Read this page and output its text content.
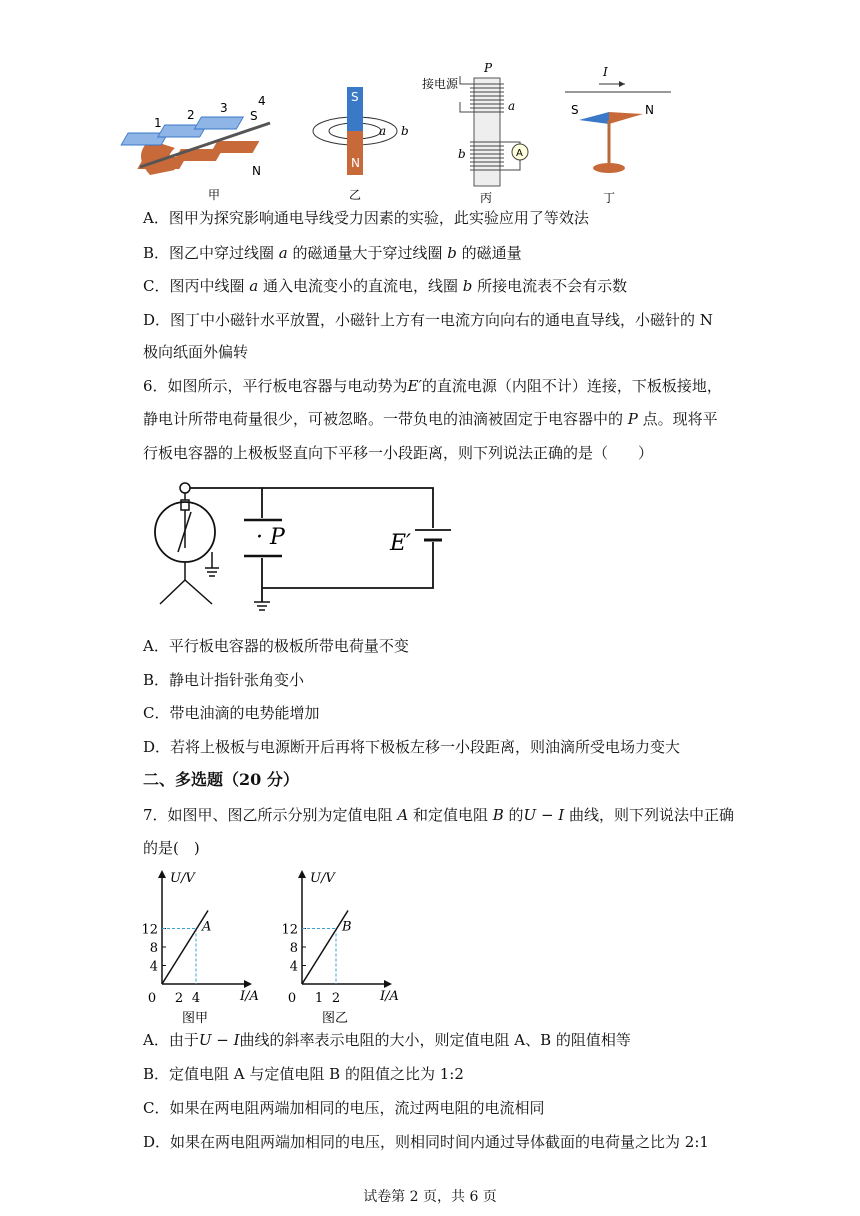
1
2 3	4
S
N
甲
S
N
a b
乙
P
接电源
a
b	A
丙
I
S	N
丁
A．图甲为探究影响通电导线受力因素的实验，此实验应用了等效法
B．图乙中穿过线圈 a 的磁通量大于穿过线圈 b 的磁通量
C．图丙中线圈 a 通入电流变小的直流电，线圈 b 所接电流表不会有示数
D．图丁中小磁针水平放置，小磁针上方有一电流方向向右的通电直导线，小磁针的 N
极向纸面外偏转
6．如图所示，平行板电容器与电动势为E′的直流电源（内阻不计）连接，下板板接地，
静电计所带电荷量很少，可被忽略。一带负电的油滴被固定于电容器中的 P 点。现将平
行板电容器的上极板竖直向下平移一小段距离，则下列说法正确的是（　　）
· P	E′
A．平行板电容器的极板所带电荷量不变
B．静电计指针张角变小
C．带电油滴的电势能增加
D．若将上极板与电源断开后再将下极板左移一小段距离，则油滴所受电场力变大
二、多选题（20 分）
7．如图甲、图乙所示分别为定值电阻 A 和定值电阻 B 的U − I 曲线，则下列说法中正确
的是(　)
U/V
I/A
4
8
12
0 2 4
A
图甲
U/V
I/A
4
8
12
0 1 2
B
图乙
A．由于U − I曲线的斜率表示电阻的大小，则定值电阻 A、B 的阻值相等
B．定值电阻 A 与定值电阻 B 的阻值之比为 1:2
C．如果在两电阻两端加相同的电压，流过两电阻的电流相同
D．如果在两电阻两端加相同的电压，则相同时间内通过导体截面的电荷量之比为 2:1
试卷第 2 页，共 6 页
